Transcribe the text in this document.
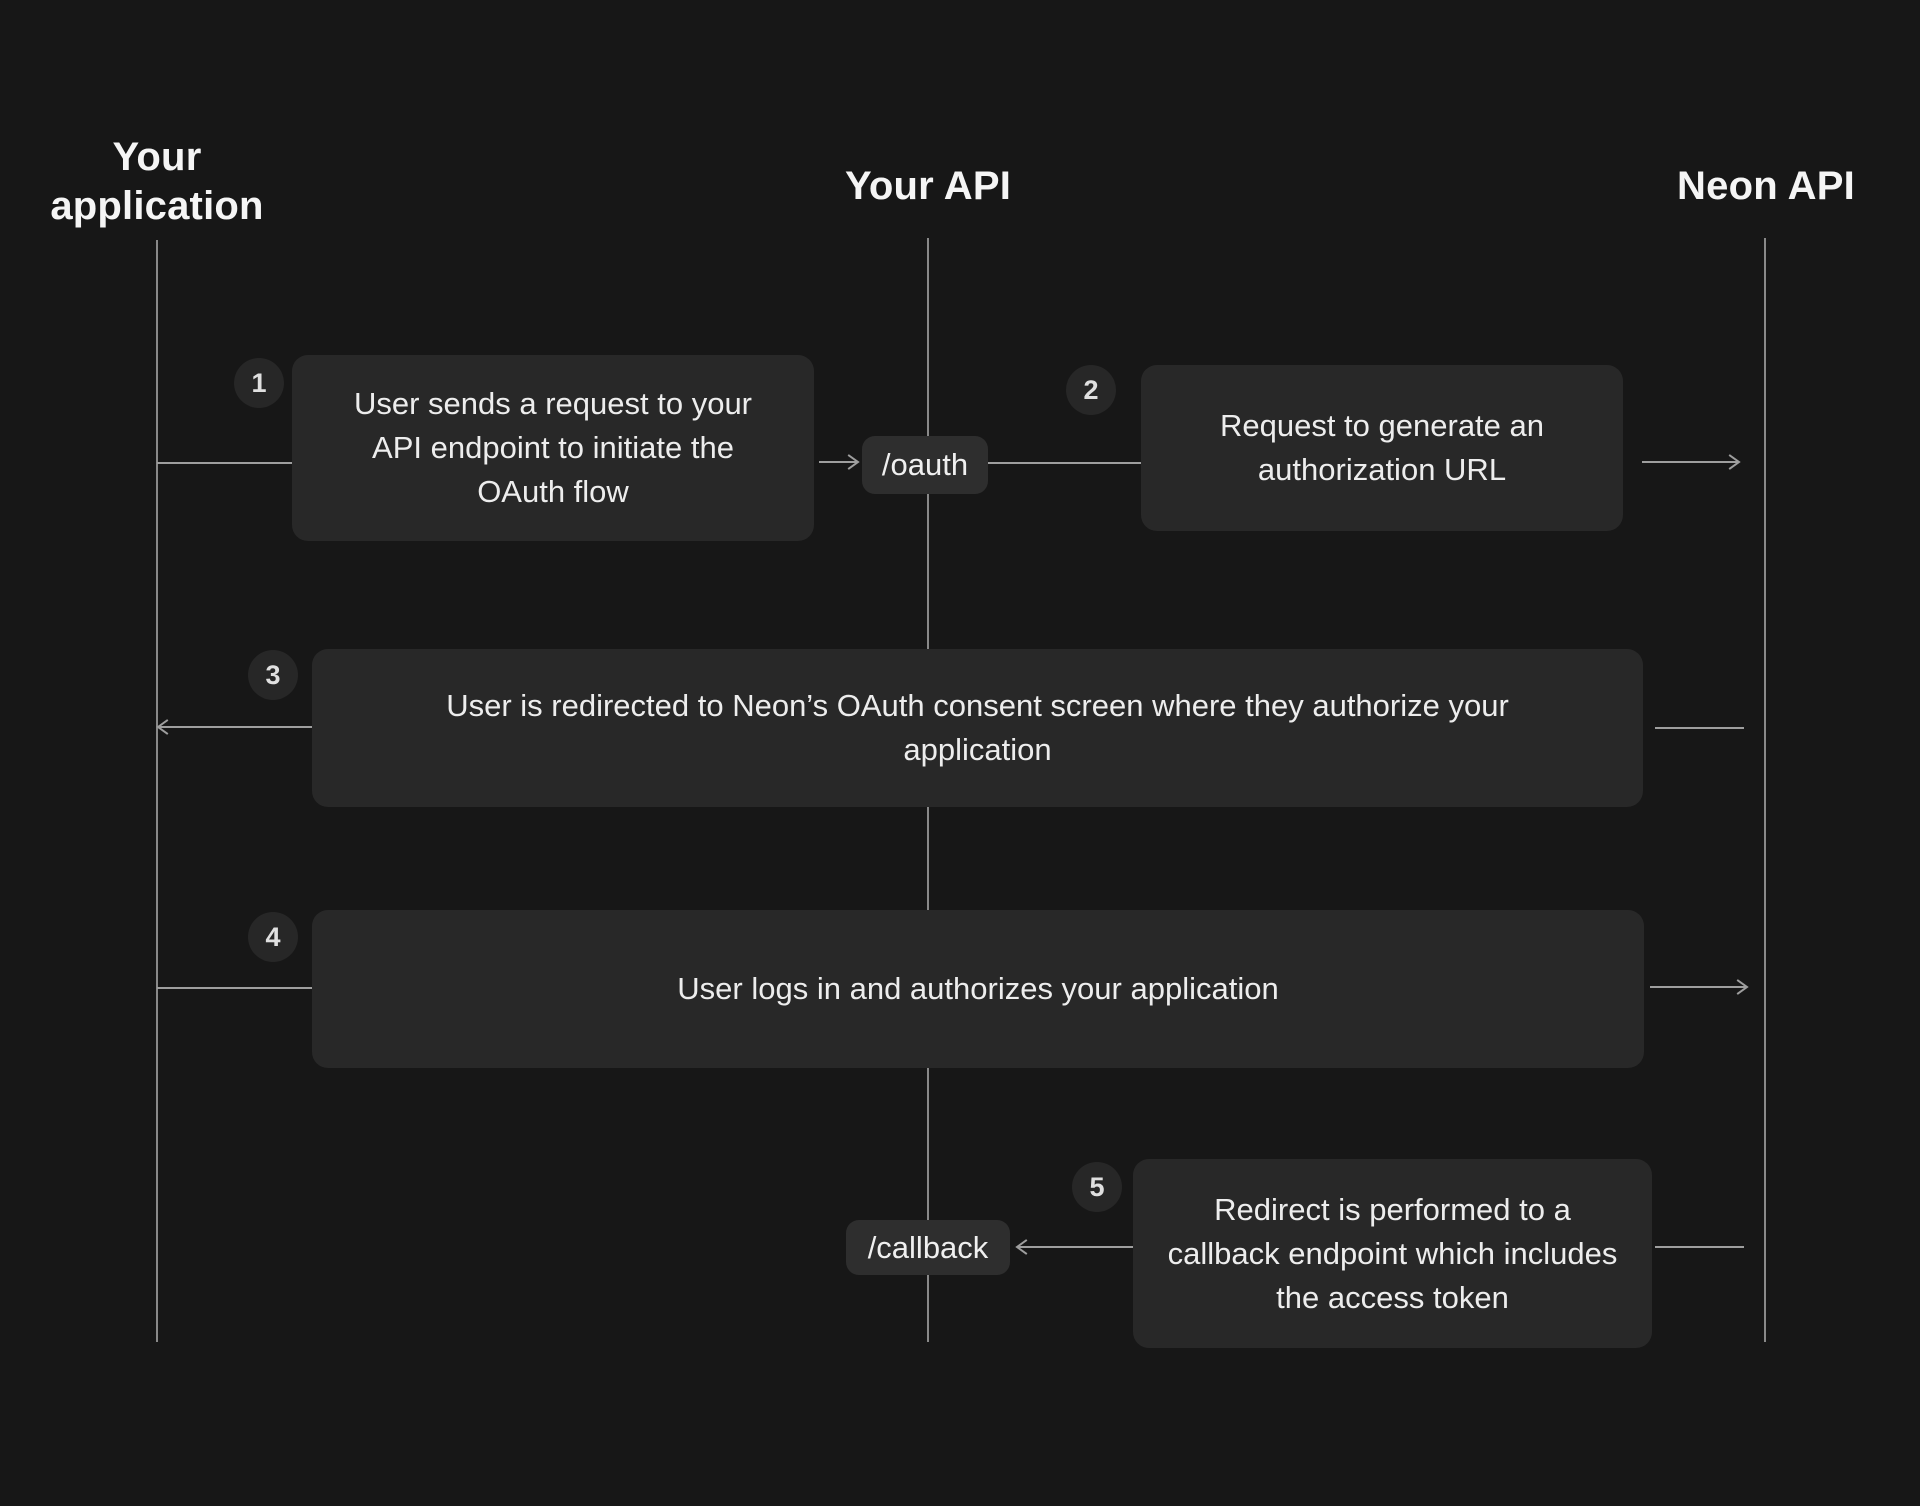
Your application	Your API	Neon API
1
User sends a request to your API endpoint to initiate the OAuth flow
/oauth
2
Request to generate an authorization URL
3
User is redirected to Neon’s OAuth consent screen where they authorize your application
4
User logs in and authorizes your application
5
Redirect is performed to a callback endpoint which includes the access token
/callback
